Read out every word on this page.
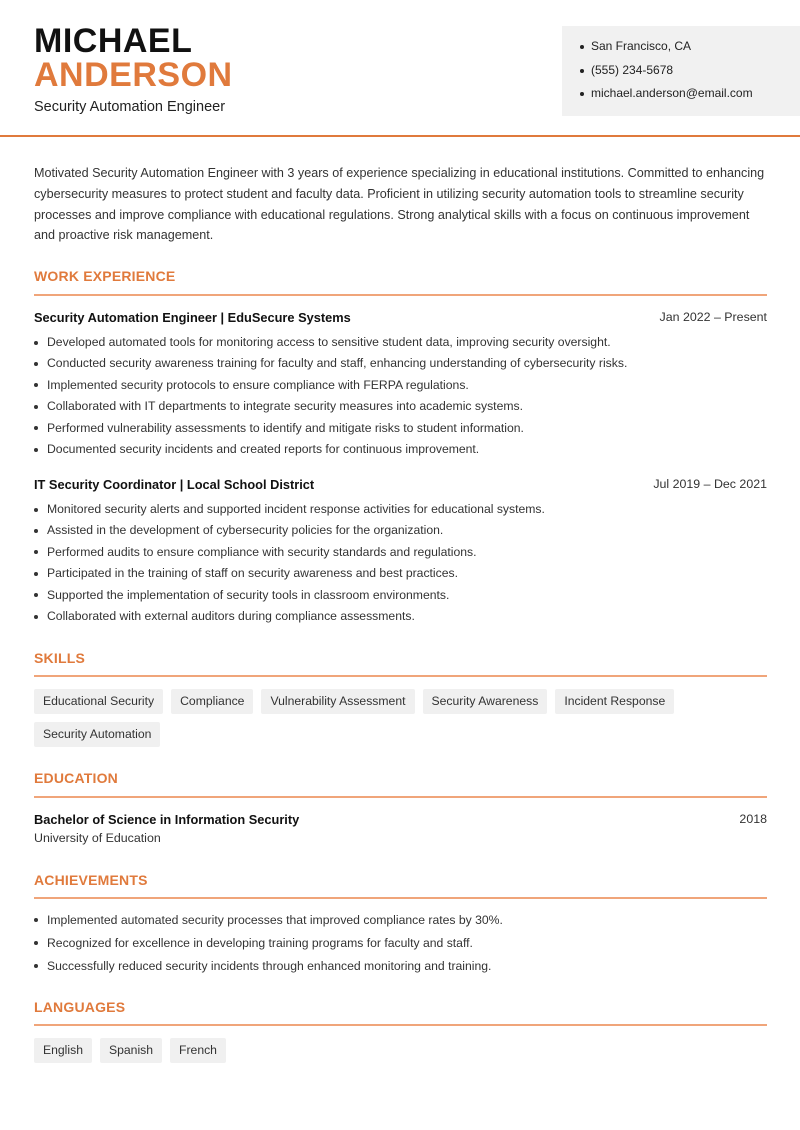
MICHAEL
ANDERSON
Security Automation Engineer
San Francisco, CA
(555) 234-5678
michael.anderson@email.com
Motivated Security Automation Engineer with 3 years of experience specializing in educational institutions. Committed to enhancing cybersecurity measures to protect student and faculty data. Proficient in utilizing security automation tools to streamline security processes and improve compliance with educational regulations. Strong analytical skills with a focus on continuous improvement and proactive risk management.
WORK EXPERIENCE
Security Automation Engineer | EduSecure Systems	Jan 2022 – Present
Developed automated tools for monitoring access to sensitive student data, improving security oversight.
Conducted security awareness training for faculty and staff, enhancing understanding of cybersecurity risks.
Implemented security protocols to ensure compliance with FERPA regulations.
Collaborated with IT departments to integrate security measures into academic systems.
Performed vulnerability assessments to identify and mitigate risks to student information.
Documented security incidents and created reports for continuous improvement.
IT Security Coordinator | Local School District	Jul 2019 – Dec 2021
Monitored security alerts and supported incident response activities for educational systems.
Assisted in the development of cybersecurity policies for the organization.
Performed audits to ensure compliance with security standards and regulations.
Participated in the training of staff on security awareness and best practices.
Supported the implementation of security tools in classroom environments.
Collaborated with external auditors during compliance assessments.
SKILLS
Educational Security	Compliance	Vulnerability Assessment	Security Awareness	Incident Response
Security Automation
EDUCATION
Bachelor of Science in Information Security	2018
University of Education
ACHIEVEMENTS
Implemented automated security processes that improved compliance rates by 30%.
Recognized for excellence in developing training programs for faculty and staff.
Successfully reduced security incidents through enhanced monitoring and training.
LANGUAGES
English	Spanish	French
